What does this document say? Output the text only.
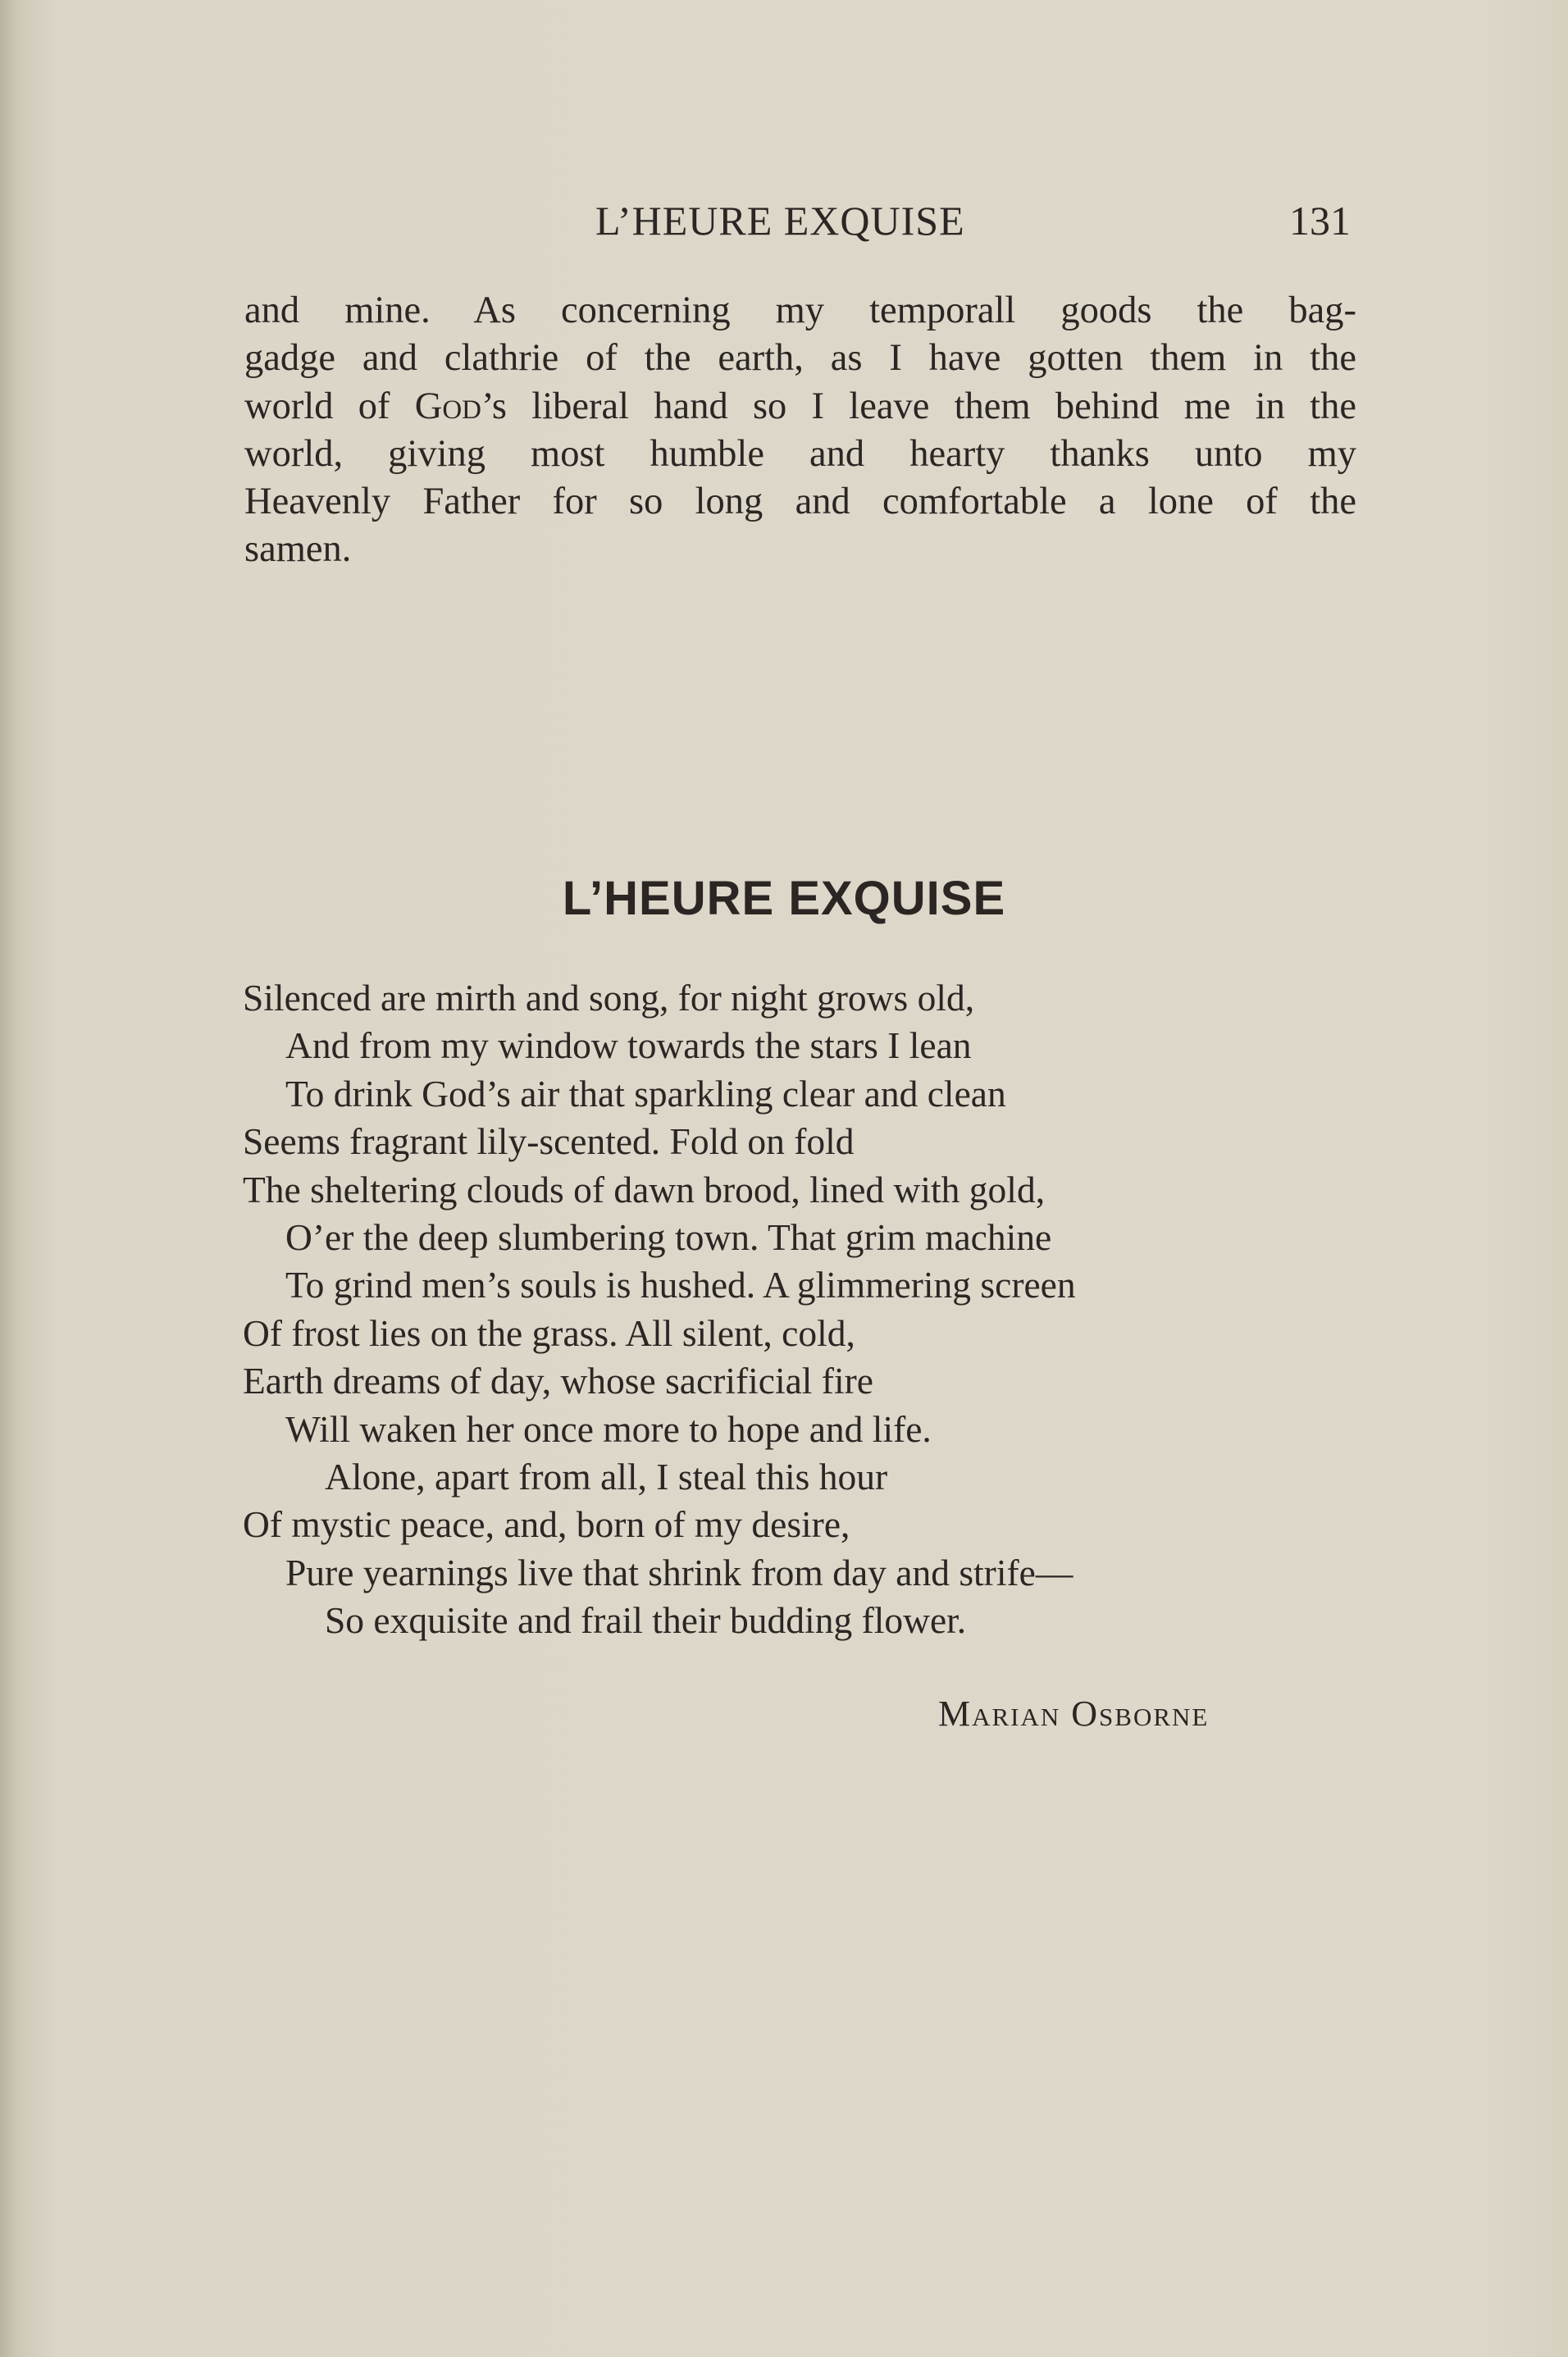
L’HEURE EXQUISE	131
and mine. As concerning my temporall goods the bag-
gadge and clathrie of the earth, as I have gotten them in the
world of God’s liberal hand so I leave them behind me in the
world, giving most humble and hearty thanks unto my
Heavenly Father for so long and comfortable a lone of the
samen.
L’HEURE EXQUISE
Silenced are mirth and song, for night grows old,
And from my window towards the stars I lean
To drink God’s air that sparkling clear and clean
Seems fragrant lily-scented. Fold on fold
The sheltering clouds of dawn brood, lined with gold,
O’er the deep slumbering town. That grim machine
To grind men’s souls is hushed. A glimmering screen
Of frost lies on the grass. All silent, cold,
Earth dreams of day, whose sacrificial fire
Will waken her once more to hope and life.
Alone, apart from all, I steal this hour
Of mystic peace, and, born of my desire,
Pure yearnings live that shrink from day and strife—
So exquisite and frail their budding flower.
Marian Osborne
